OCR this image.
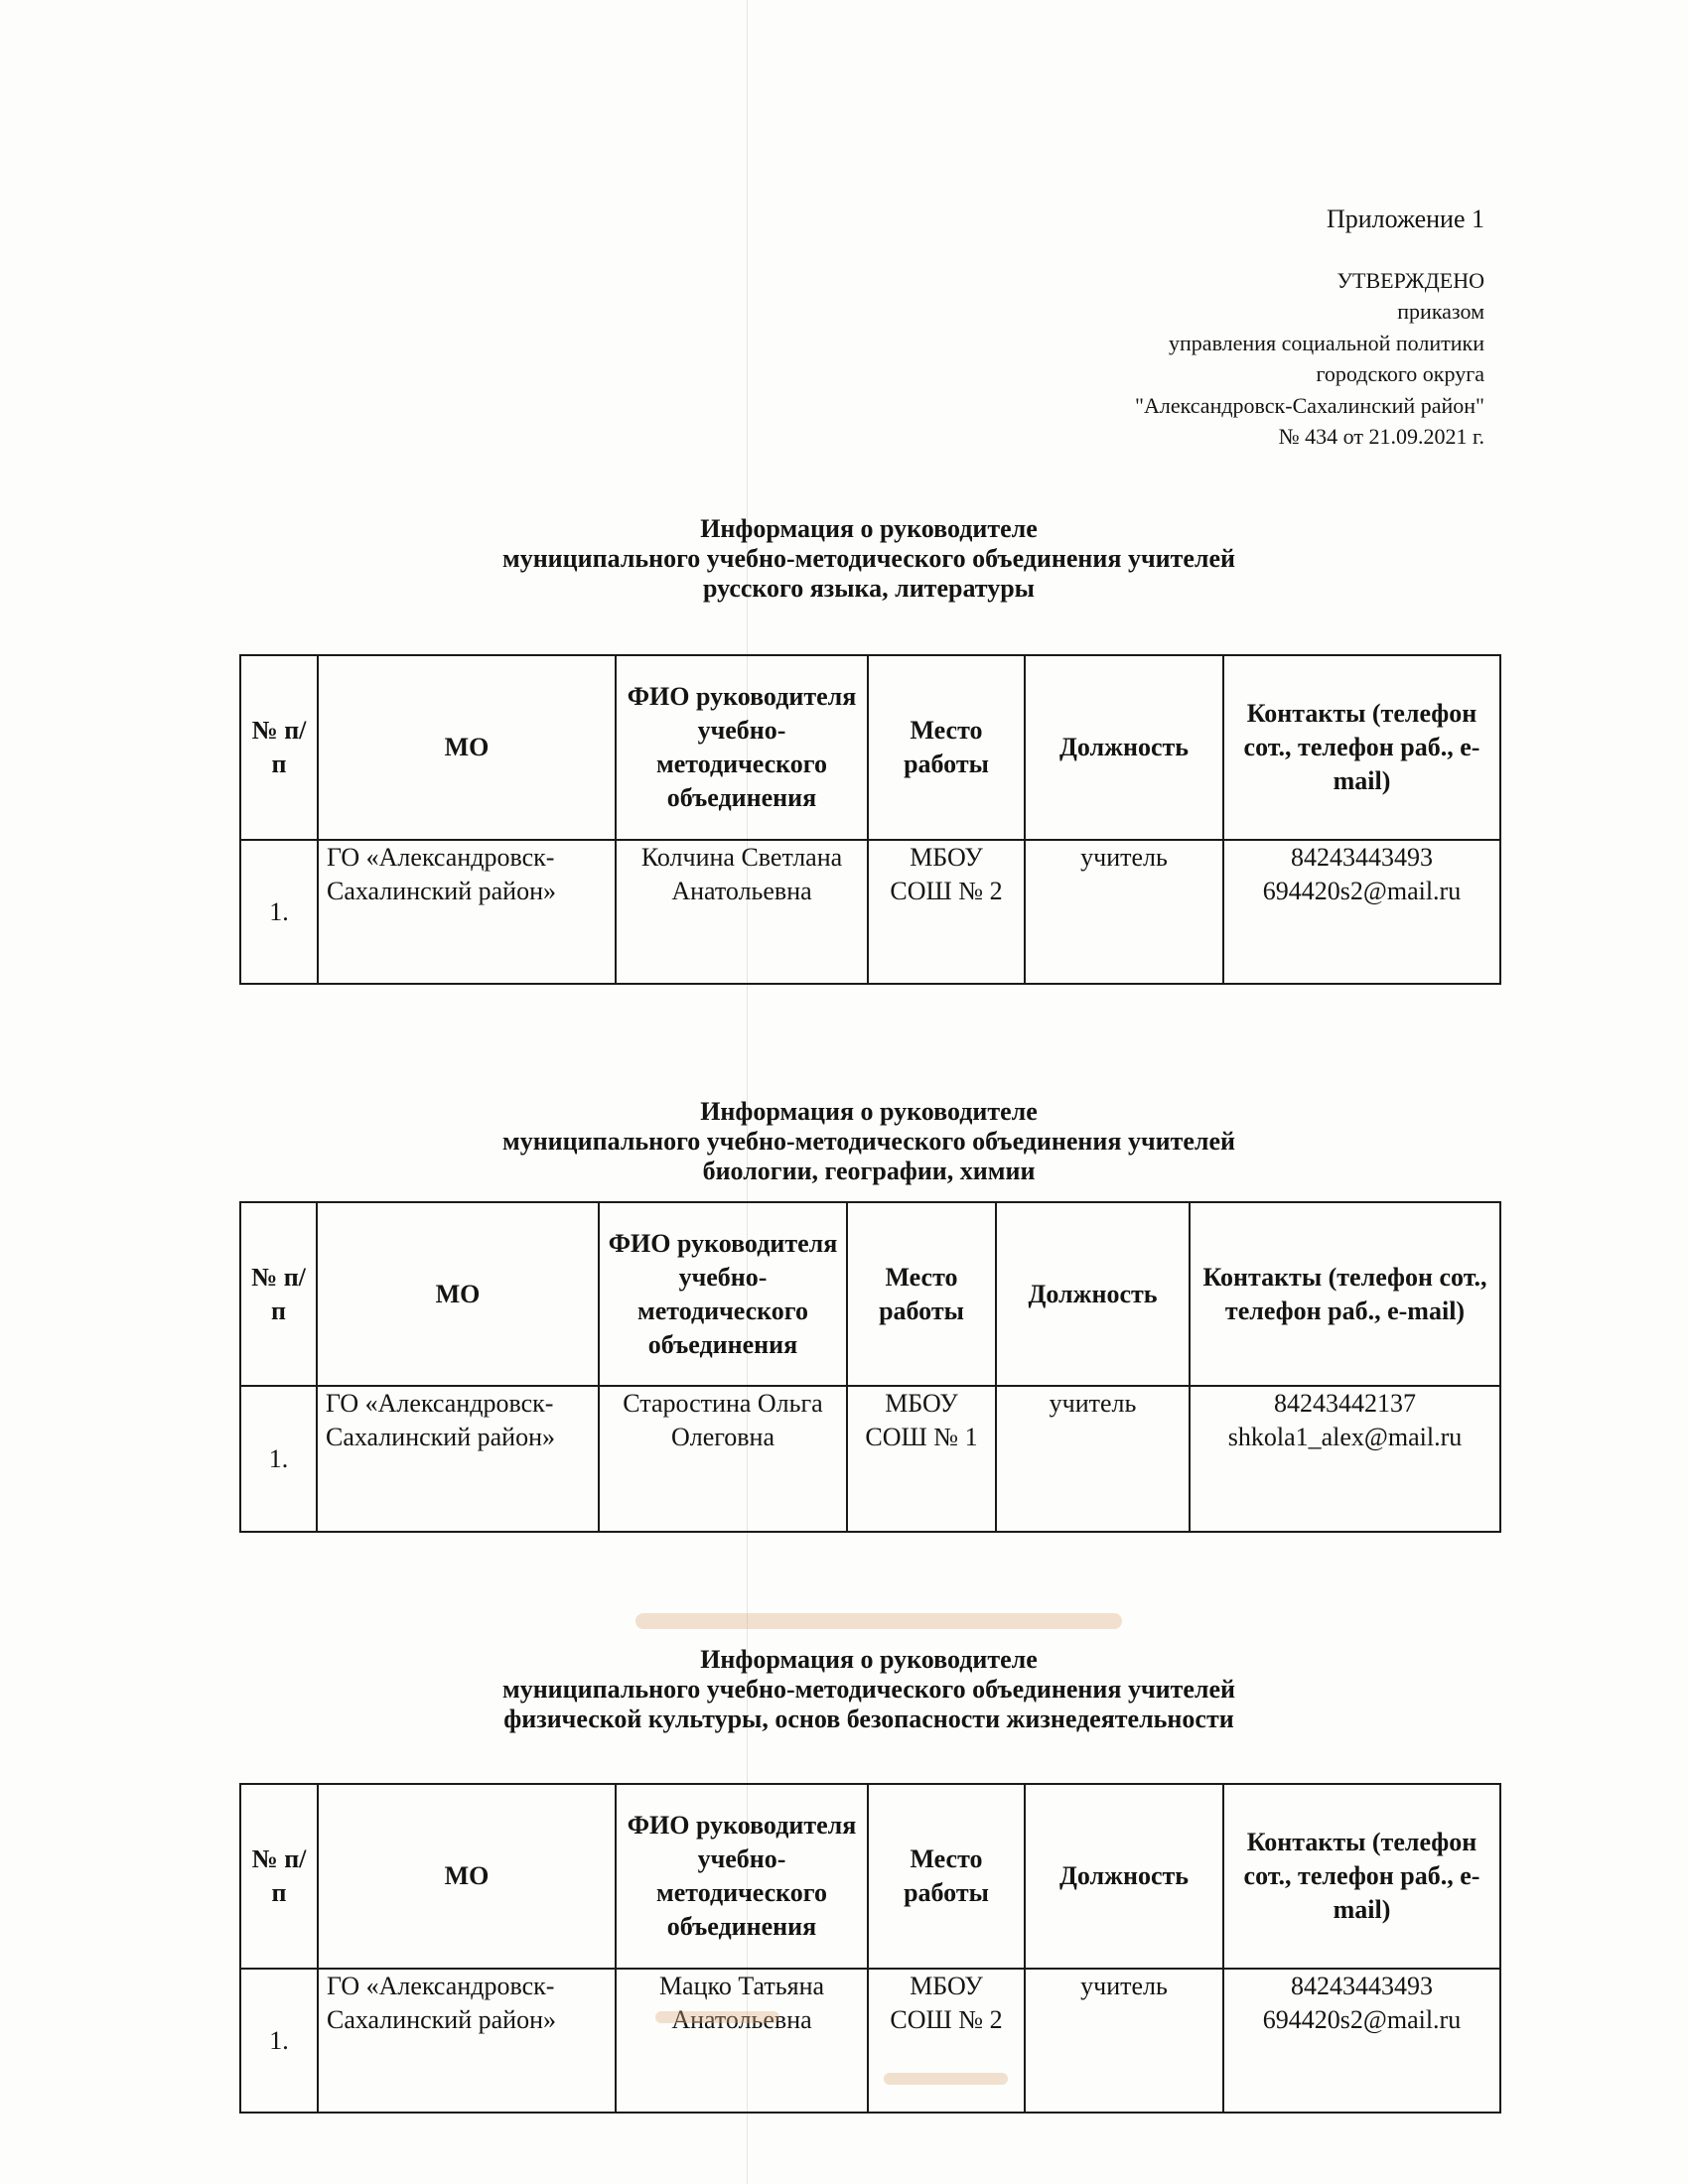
Приложение 1
УТВЕРЖДЕНО
приказом
управления социальной политики
городского округа
"Александровск-Сахалинский район"
№ 434 от 21.09.2021 г.
Информация о руководителе
муниципального учебно-методического объединения учителей
русского языка, литературы
№ п/п	МО	ФИО руководителя учебно-методического объединения	Место работы	Должность	Контакты (телефон сот., телефон раб., e-mail)
1.	ГО «Александровск-Сахалинский район»	Колчина Светлана Анатольевна	МБОУ СОШ № 2	учитель	84243443493
694420s2@mail.ru
Информация о руководителе
муниципального учебно-методического объединения учителей
биологии, географии, химии
№ п/п	МО	ФИО руководителя учебно-методического объединения	Место работы	Должность	Контакты (телефон сот., телефон раб., e-mail)
1.	ГО «Александровск-Сахалинский район»	Старостина Ольга Олеговна	МБОУ СОШ № 1	учитель	84243442137
shkola1_alex@mail.ru
Информация о руководителе
муниципального учебно-методического объединения учителей
физической культуры, основ безопасности жизнедеятельности
№ п/п	МО	ФИО руководителя учебно-методического объединения	Место работы	Должность	Контакты (телефон сот., телефон раб., e-mail)
1.	ГО «Александровск-Сахалинский район»	Мацко Татьяна Анатольевна	МБОУ СОШ № 2	учитель	84243443493
694420s2@mail.ru
